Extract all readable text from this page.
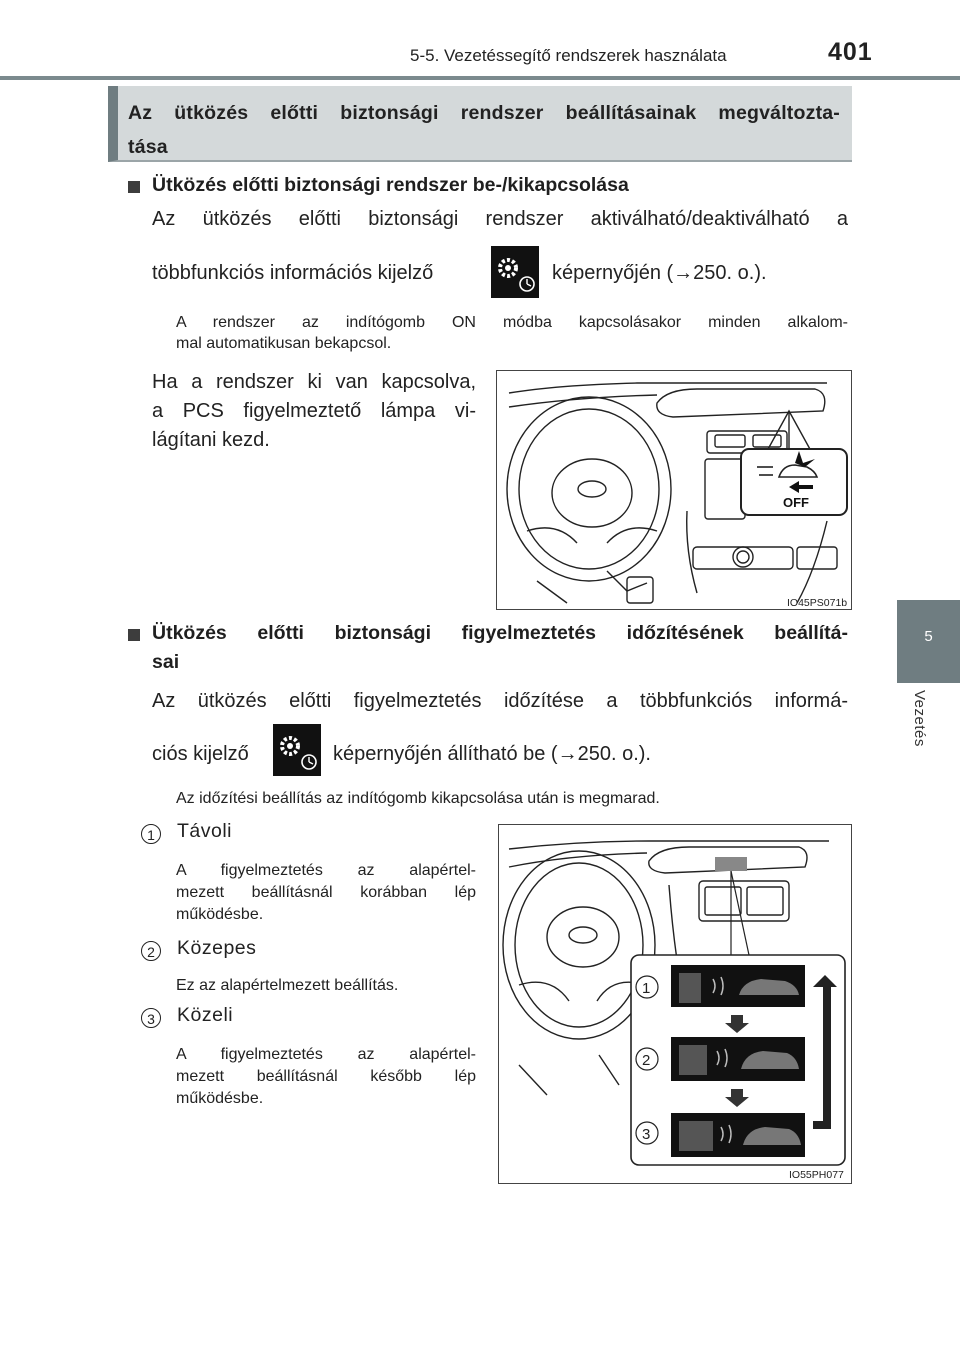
5-5. Vezetéssegítő rendszerek használata	401
5
Vezetés
Az ütközés előtti biztonsági rendszer beállításainak megváltozta-
tása
Ütközés előtti biztonsági rendszer be-/kikapcsolása
Az ütközés előtti biztonsági rendszer aktiválható/deaktiválható a
többfunkciós információs kijelző	képernyőjén (→250. o.).
A rendszer az indítógomb ON módba kapcsolásakor minden alkalom-
mal automatikusan bekapcsol.
Ha a rendszer ki van kapcsolva,
a PCS figyelmeztető lámpa vi-
lágítani kezd.
OFF
IO45PS071b
Ütközés előtti biztonsági figyelmeztetés időzítésének beállítá-
sai
Az ütközés előtti figyelmeztetés időzítése a többfunkciós informá-
ciós kijelző	képernyőjén állítható be (→250. o.).
Az időzítési beállítás az indítógomb kikapcsolása után is megmarad.
1	Távoli
A figyelmeztetés az alapértel-
mezett beállításnál korábban lép
működésbe.
2	Közepes
Ez az alapértelmezett beállítás.
3	Közeli
A figyelmeztetés az alapértel-
mezett beállításnál később lép
működésbe.
1
2
3
IO55PH077
